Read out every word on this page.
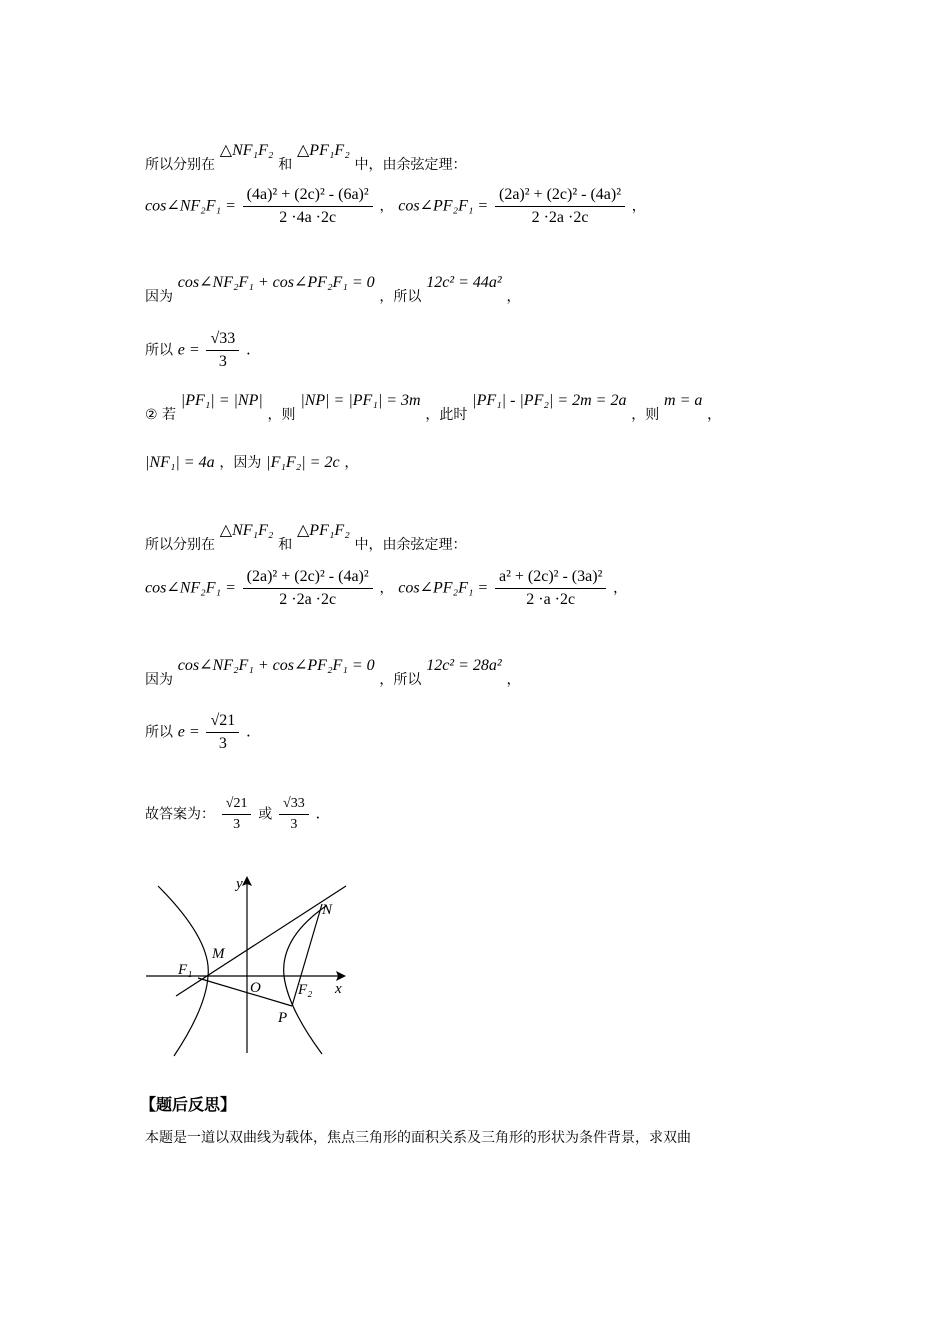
所以分别在 △NF₁F₂ 和 △PF₁F₂ 中，由余弦定理：
cos∠NF₂F₁ = $\frac{\text{(4a)² + (2c)² - (6a)²}}{2 \cdot 4a \cdot 2c}$ ， cos∠PF₂F₁ = $\frac{\text{(2a)² + (2c)² - (4a)²}}{2 \cdot 2a \cdot 2c}$ ，
因为 cos∠NF₂F₁ + cos∠PF₂F₁ = 0 ，所以 12c² = 44a² ，
所以 $e = \frac{√33}{3}$ .
② 若 |PF₁| = |NP| ，则 |NP| = |PF₁| = 3m ，此时 |PF₁| - |PF₂| = 2m = 2a ，则 m = a ，
|NF₁| = 4a ，因为 |F₁F₂| = 2c ，
所以分别在 △NF₁F₂ 和 △PF₁F₂ 中，由余弦定理：
cos∠NF₂F₁ = $\frac{\text{(2a)² + (2c)² - (4a)²}}{2 \cdot 2a \cdot 2c}$ ， cos∠PF₂F₁ = $\frac{\text{a² + (2c)² - (3a)²}}{2 \cdot a \cdot 2c}$ ，
因为 cos∠NF₂F₁ + cos∠PF₂F₁ = 0 ，所以 12c² = 28a² ，
所以 $e = \frac{√21}{3}$ .
故答案为： $\frac{√21}{3}$ 或 $\frac{√33}{3}$ .
y
N
M
F₁
O F₂ x
P
【题后反思】
本题是一道以双曲线为载体，焦点三角形的面积关系及三角形的形状为条件背景，求双曲
